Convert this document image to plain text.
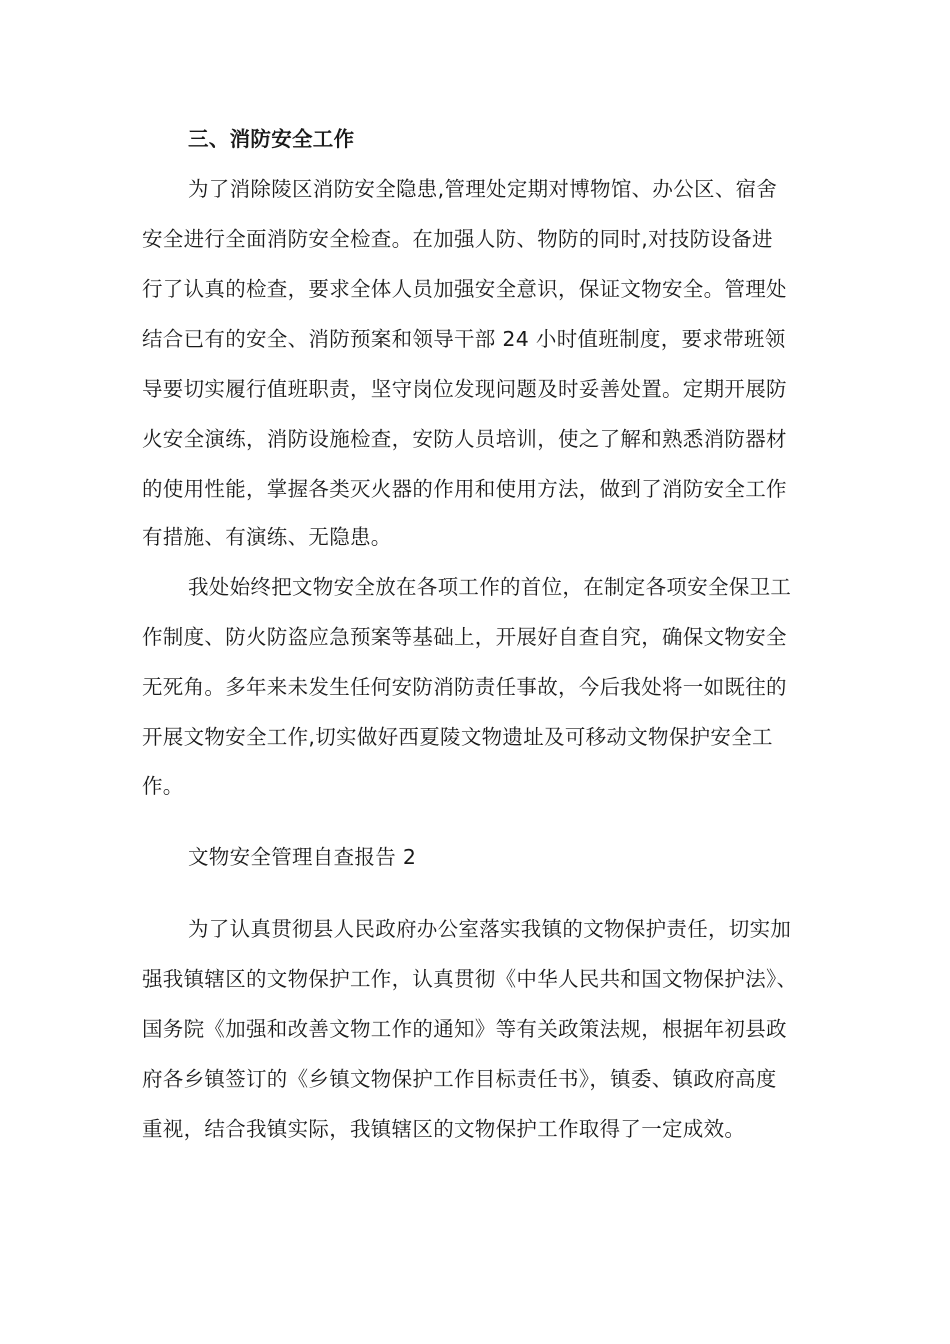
三、消防安全工作
为了消除陵区消防安全隐患,管理处定期对博物馆、办公区、宿舍
安全进行全面消防安全检查。在加强人防、物防的同时,对技防设备进
行了认真的检查，要求全体人员加强安全意识，保证文物安全。管理处
结合已有的安全、消防预案和领导干部 24 小时值班制度，要求带班领
导要切实履行值班职责，坚守岗位发现问题及时妥善处置。定期开展防
火安全演练，消防设施检查，安防人员培训，使之了解和熟悉消防器材
的使用性能，掌握各类灭火器的作用和使用方法，做到了消防安全工作
有措施、有演练、无隐患。
我处始终把文物安全放在各项工作的首位，在制定各项安全保卫工
作制度、防火防盗应急预案等基础上，开展好自查自究，确保文物安全
无死角。多年来未发生任何安防消防责任事故，今后我处将一如既往的
开展文物安全工作,切实做好西夏陵文物遗址及可移动文物保护安全工
作。
文物安全管理自查报告 2
为了认真贯彻县人民政府办公室落实我镇的文物保护责任，切实加
强我镇辖区的文物保护工作，认真贯彻《中华人民共和国文物保护法》、
国务院《加强和改善文物工作的通知》等有关政策法规，根据年初县政
府各乡镇签订的《乡镇文物保护工作目标责任书》，镇委、镇政府高度
重视，结合我镇实际，我镇辖区的文物保护工作取得了一定成效。
